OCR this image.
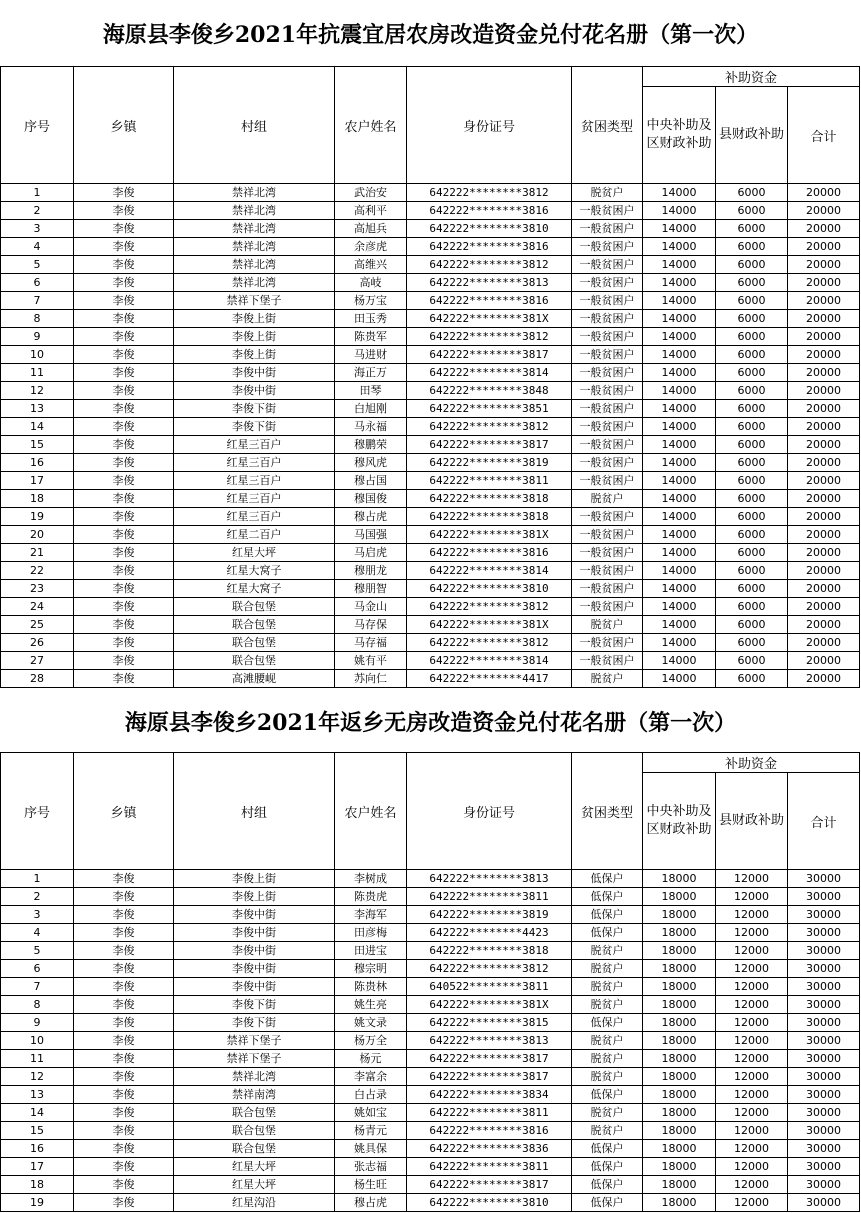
海原县李俊乡2021年抗震宜居农房改造资金兑付花名册（第一次）
序号	乡镇	村组	农户姓名	身份证号	贫困类型	补助资金		
						中央补助及区财政补助	县财政补助	合计
1	李俊	禁祥北湾	武治安	642222********3812	脱贫户	14000	6000	20000
2	李俊	禁祥北湾	高利平	642222********3816	一般贫困户	14000	6000	20000
3	李俊	禁祥北湾	高旭兵	642222********3810	一般贫困户	14000	6000	20000
4	李俊	禁祥北湾	余彦虎	642222********3816	一般贫困户	14000	6000	20000
5	李俊	禁祥北湾	高维兴	642222********3812	一般贫困户	14000	6000	20000
6	李俊	禁祥北湾	高岐	642222********3813	一般贫困户	14000	6000	20000
7	李俊	禁祥下堡子	杨万宝	642222********3816	一般贫困户	14000	6000	20000
8	李俊	李俊上街	田玉秀	642222********381X	一般贫困户	14000	6000	20000
9	李俊	李俊上街	陈贵军	642222********3812	一般贫困户	14000	6000	20000
10	李俊	李俊上街	马进财	642222********3817	一般贫困户	14000	6000	20000
11	李俊	李俊中街	海正万	642222********3814	一般贫困户	14000	6000	20000
12	李俊	李俊中街	田琴	642222********3848	一般贫困户	14000	6000	20000
13	李俊	李俊下街	白旭刚	642222********3851	一般贫困户	14000	6000	20000
14	李俊	李俊下街	马永福	642222********3812	一般贫困户	14000	6000	20000
15	李俊	红星三百户	穆鹏荣	642222********3817	一般贫困户	14000	6000	20000
16	李俊	红星三百户	穆风虎	642222********3819	一般贫困户	14000	6000	20000
17	李俊	红星三百户	穆占国	642222********3811	一般贫困户	14000	6000	20000
18	李俊	红星三百户	穆国俊	642222********3818	脱贫户	14000	6000	20000
19	李俊	红星三百户	穆占虎	642222********3818	一般贫困户	14000	6000	20000
20	李俊	红星二百户	马国强	642222********381X	一般贫困户	14000	6000	20000
21	李俊	红星大坪	马启虎	642222********3816	一般贫困户	14000	6000	20000
22	李俊	红星大窝子	穆朋龙	642222********3814	一般贫困户	14000	6000	20000
23	李俊	红星大窝子	穆朋智	642222********3810	一般贫困户	14000	6000	20000
24	李俊	联合包堡	马金山	642222********3812	一般贫困户	14000	6000	20000
25	李俊	联合包堡	马存保	642222********381X	脱贫户	14000	6000	20000
26	李俊	联合包堡	马存福	642222********3812	一般贫困户	14000	6000	20000
27	李俊	联合包堡	姚有平	642222********3814	一般贫困户	14000	6000	20000
28	李俊	高滩腰岘	苏向仁	642222********4417	脱贫户	14000	6000	20000
海原县李俊乡2021年返乡无房改造资金兑付花名册（第一次）
序号	乡镇	村组	农户姓名	身份证号	贫困类型	补助资金		
						中央补助及区财政补助	县财政补助	合计
1	李俊	李俊上街	李树成	642222********3813	低保户	18000	12000	30000
2	李俊	李俊上街	陈贵虎	642222********3811	低保户	18000	12000	30000
3	李俊	李俊中街	李海军	642222********3819	低保户	18000	12000	30000
4	李俊	李俊中街	田彦梅	642222********4423	低保户	18000	12000	30000
5	李俊	李俊中街	田进宝	642222********3818	脱贫户	18000	12000	30000
6	李俊	李俊中街	穆宗明	642222********3812	脱贫户	18000	12000	30000
7	李俊	李俊中街	陈贵林	640522********3811	脱贫户	18000	12000	30000
8	李俊	李俊下街	姚生亮	642222********381X	脱贫户	18000	12000	30000
9	李俊	李俊下街	姚文录	642222********3815	低保户	18000	12000	30000
10	李俊	禁祥下堡子	杨万全	642222********3813	脱贫户	18000	12000	30000
11	李俊	禁祥下堡子	杨元	642222********3817	脱贫户	18000	12000	30000
12	李俊	禁祥北湾	李富余	642222********3817	脱贫户	18000	12000	30000
13	李俊	禁祥南湾	白占录	642222********3834	低保户	18000	12000	30000
14	李俊	联合包堡	姚如宝	642222********3811	脱贫户	18000	12000	30000
15	李俊	联合包堡	杨青元	642222********3816	脱贫户	18000	12000	30000
16	李俊	联合包堡	姚具保	642222********3836	低保户	18000	12000	30000
17	李俊	红星大坪	张志福	642222********3811	低保户	18000	12000	30000
18	李俊	红星大坪	杨生旺	642222********3817	低保户	18000	12000	30000
19	李俊	红星沟沿	穆占虎	642222********3810	低保户	18000	12000	30000
